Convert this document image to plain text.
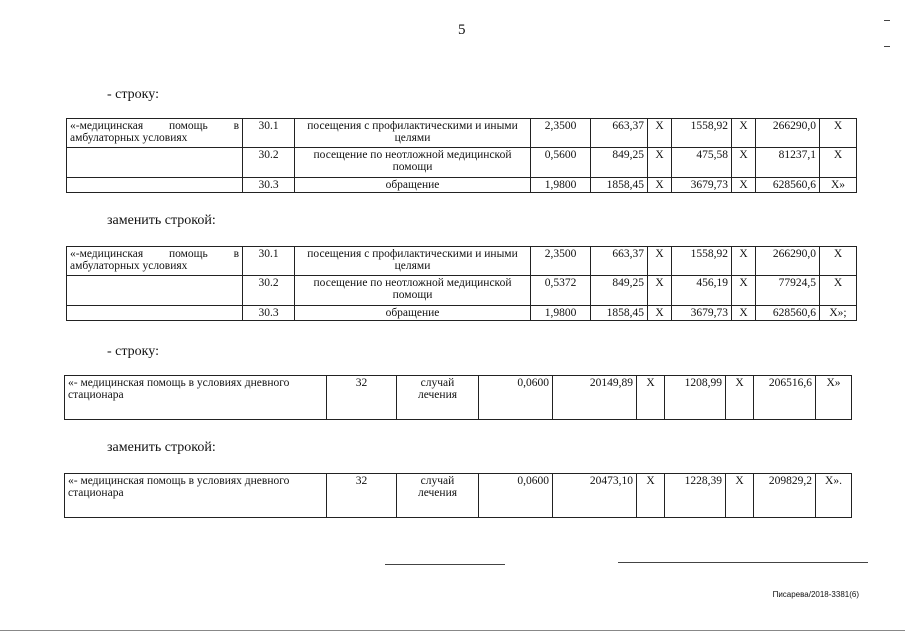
5
- строку:
«-медицинская помощь в
амбулаторных условиях	30.1	посещения с профилактическими и иными целями	2,3500	663,37	X	1558,92	X	266290,0	X
	30.2	посещение по неотложной медицинской помощи	0,5600	849,25	X	475,58	X	81237,1	X
	30.3	обращение	1,9800	1858,45	X	3679,73	X	628560,6	X»
заменить строкой:
«-медицинская помощь в
амбулаторных условиях	30.1	посещения с профилактическими и иными целями	2,3500	663,37	X	1558,92	X	266290,0	X
	30.2	посещение по неотложной медицинской помощи	0,5372	849,25	X	456,19	X	77924,5	X
	30.3	обращение	1,9800	1858,45	X	3679,73	X	628560,6	X»;
- строку:
«- медицинская помощь в условиях дневного стационара	32	случай лечения	0,0600	20149,89	X	1208,99	X	206516,6	X»
заменить строкой:
«- медицинская помощь в условиях дневного стационара	32	случай лечения	0,0600	20473,10	X	1228,39	X	209829,2	X».
Писарева/2018-3381(6)
